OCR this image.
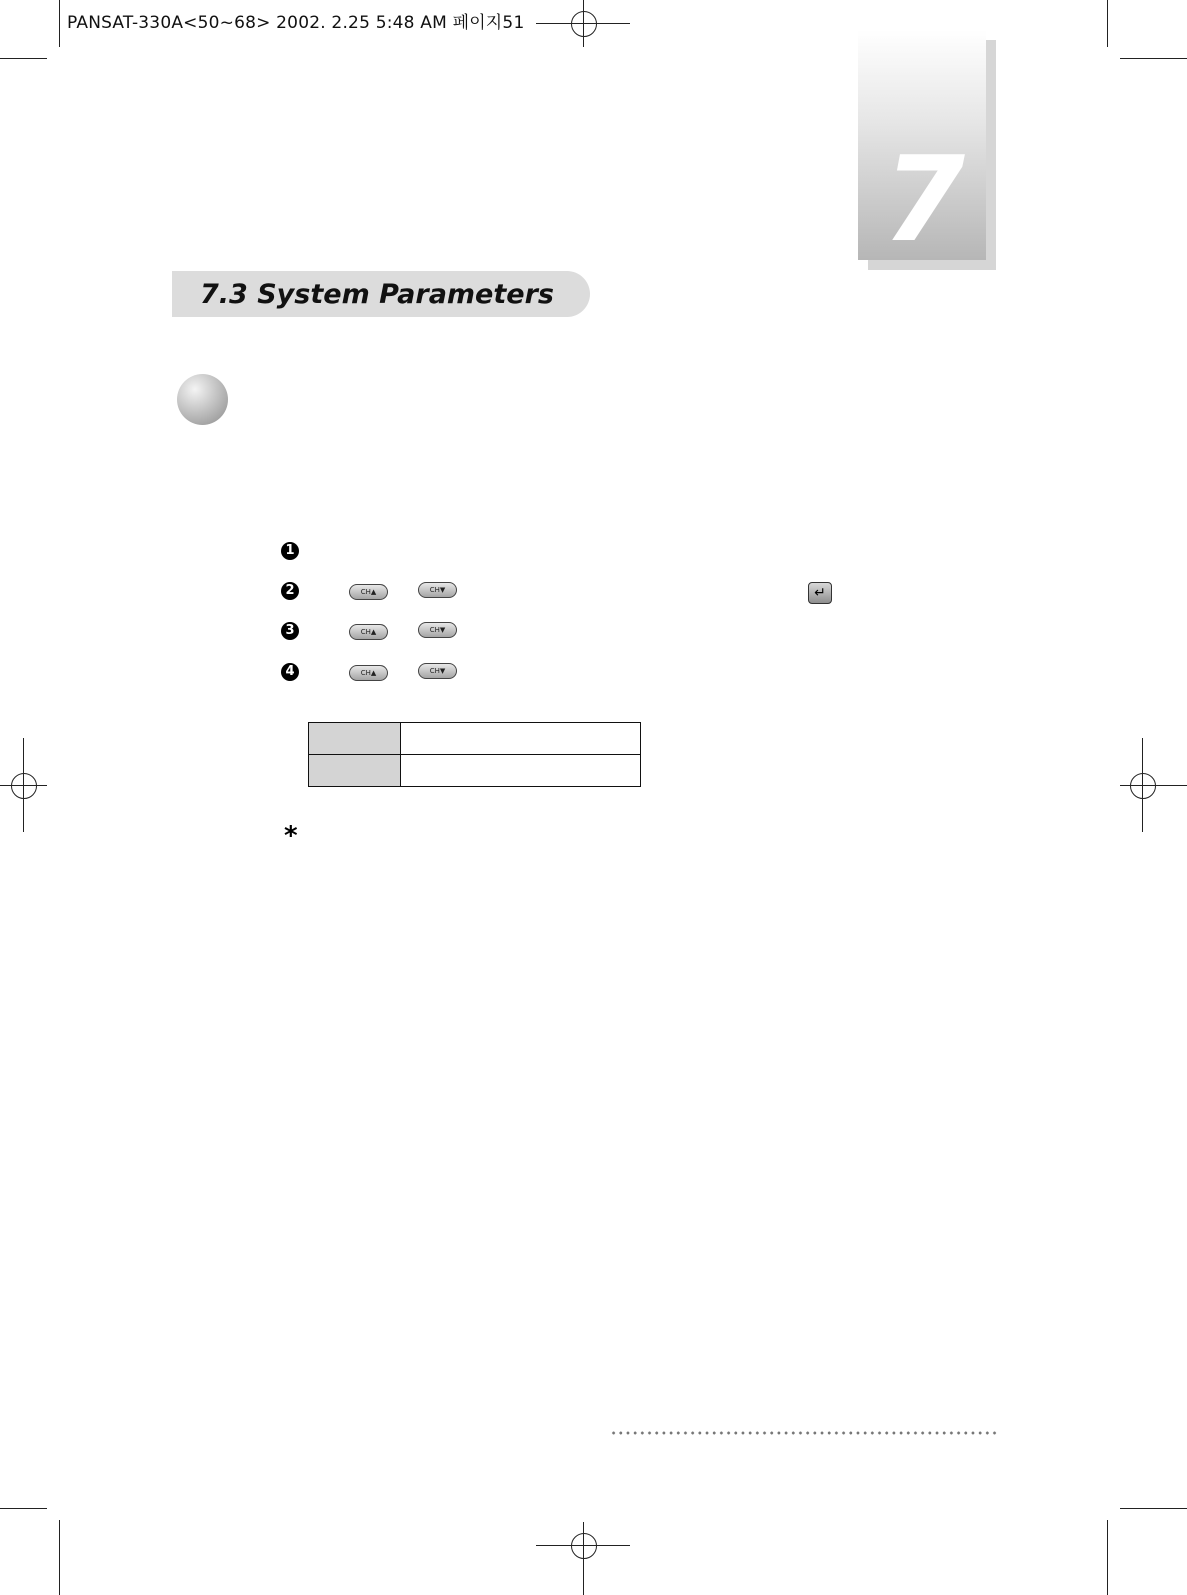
PANSAT-330A<50~68> 2002. 2.25 5:48 AM 페이지51
7
7.3 System Parameters
1
2	CH▲	CH▼	↵
3	CH▲	CH▼
4	CH▲	CH▼

*
